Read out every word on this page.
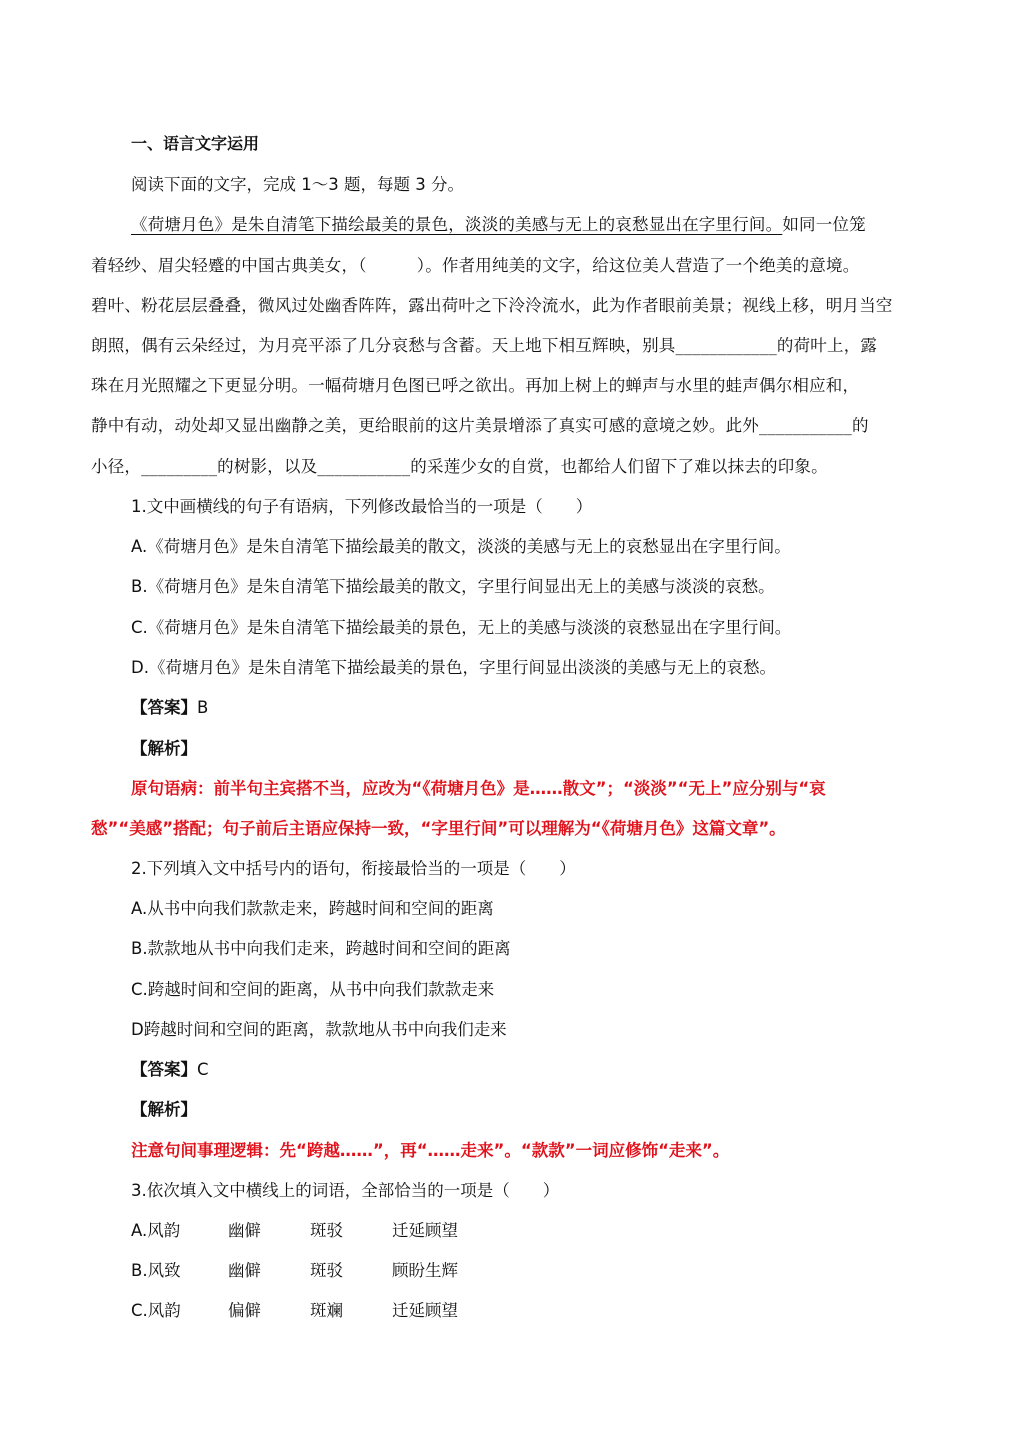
一、语言文字运用
阅读下面的文字，完成 1～3 题，每题 3 分。
《荷塘月色》是朱自清笔下描绘最美的景色，淡淡的美感与无上的哀愁显出在字里行间。如同一位笼
着轻纱、眉尖轻蹙的中国古典美女，（　　　）。作者用纯美的文字，给这位美人营造了一个绝美的意境。
碧叶、粉花层层叠叠，微风过处幽香阵阵，露出荷叶之下泠泠流水，此为作者眼前美景；视线上移，明月当空
朗照，偶有云朵经过，为月亮平添了几分哀愁与含蓄。天上地下相互辉映，别具____________的荷叶上，露
珠在月光照耀之下更显分明。一幅荷塘月色图已呼之欲出。再加上树上的蝉声与水里的蛙声偶尔相应和，
静中有动，动处却又显出幽静之美，更给眼前的这片美景增添了真实可感的意境之妙。此外___________的
小径，_________的树影，以及___________的采莲少女的自赏，也都给人们留下了难以抹去的印象。
1.文中画横线的句子有语病，下列修改最恰当的一项是（　　）
A.《荷塘月色》是朱自清笔下描绘最美的散文，淡淡的美感与无上的哀愁显出在字里行间。
B.《荷塘月色》是朱自清笔下描绘最美的散文，字里行间显出无上的美感与淡淡的哀愁。
C.《荷塘月色》是朱自清笔下描绘最美的景色，无上的美感与淡淡的哀愁显出在字里行间。
D.《荷塘月色》是朱自清笔下描绘最美的景色，字里行间显出淡淡的美感与无上的哀愁。
【答案】B
【解析】
原句语病：前半句主宾搭不当，应改为“《荷塘月色》是……散文”；“淡淡”“无上”应分别与“哀
愁”“美感”搭配；句子前后主语应保持一致，“字里行间”可以理解为“《荷塘月色》这篇文章”。
2.下列填入文中括号内的语句，衔接最恰当的一项是（　　）
A.从书中向我们款款走来，跨越时间和空间的距离
B.款款地从书中向我们走来，跨越时间和空间的距离
C.跨越时间和空间的距离，从书中向我们款款走来
D跨越时间和空间的距离，款款地从书中向我们走来
【答案】C
【解析】
注意句间事理逻辑：先“跨越……”，再“……走来”。“款款”一词应修饰“走来”。
3.依次填入文中横线上的词语，全部恰当的一项是（　　）
A.风韵	幽僻	斑驳	迁延顾望
B.风致	幽僻	斑驳	顾盼生辉
C.风韵	偏僻	斑斓	迁延顾望
